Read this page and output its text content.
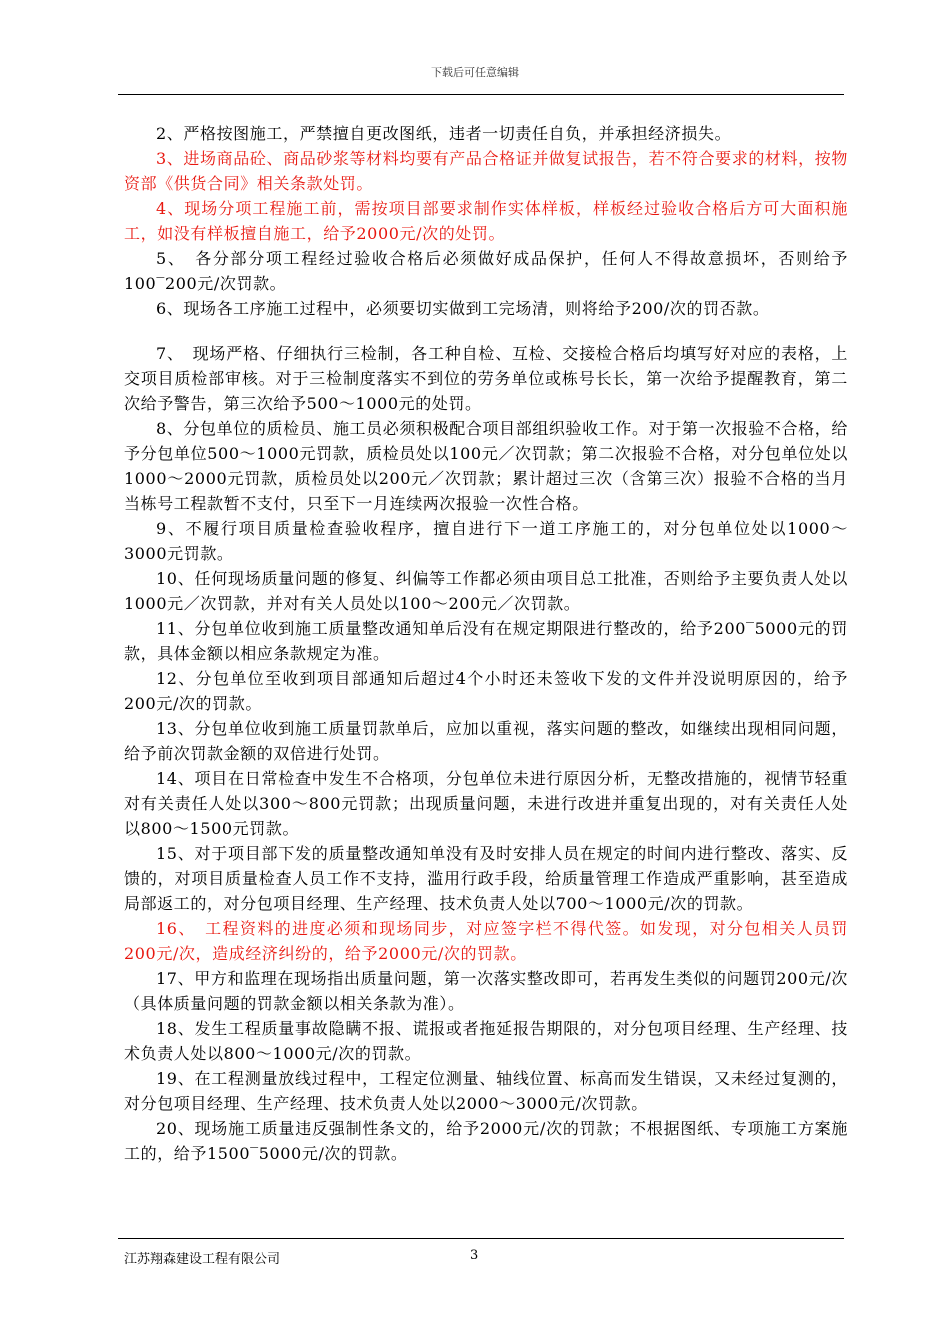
下载后可任意编辑

2、严格按图施工，严禁擅自更改图纸，违者一切责任自负，并承担经济损失。

3、进场商品砼、商品砂浆等材料均要有产品合格证并做复试报告，若不符合要求的材料，按物资部《供货合同》相关条款处罚。

4、现场分项工程施工前，需按项目部要求制作实体样板，样板经过验收合格后方可大面积施工，如没有样板擅自施工，给予2000元/次的处罚。

5、　各分部分项工程经过验收合格后必须做好成品保护，任何人不得故意损坏，否则给予100‾200元/次罚款。

6、现场各工序施工过程中，必须要切实做到工完场清，则将给予200/次的罚否款。

7、　现场严格、仔细执行三检制，各工种自检、互检、交接检合格后均填写好对应的表格，上交项目质检部审核。对于三检制度落实不到位的劳务单位或栋号长长，第一次给予提醒教育，第二次给予警告，第三次给予500～1000元的处罚。

8、分包单位的质检员、施工员必须积极配合项目部组织验收工作。对于第一次报验不合格，给予分包单位500～1000元罚款，质检员处以100元／次罚款；第二次报验不合格，对分包单位处以1000～2000元罚款，质检员处以200元／次罚款；累计超过三次（含第三次）报验不合格的当月当栋号工程款暂不支付，只至下一月连续两次报验一次性合格。

9、不履行项目质量检查验收程序，擅自进行下一道工序施工的，对分包单位处以1000～3000元罚款。

10、任何现场质量问题的修复、纠偏等工作都必须由项目总工批准，否则给予主要负责人处以1000元／次罚款，并对有关人员处以100～200元／次罚款。

11、分包单位收到施工质量整改通知单后没有在规定期限进行整改的，给予200‾5000元的罚款，具体金额以相应条款规定为准。

12、分包单位至收到项目部通知后超过4个小时还未签收下发的文件并没说明原因的，给予200元/次的罚款。

13、分包单位收到施工质量罚款单后，应加以重视，落实问题的整改，如继续出现相同问题，给予前次罚款金额的双倍进行处罚。

14、项目在日常检查中发生不合格项，分包单位未进行原因分析，无整改措施的，视情节轻重对有关责任人处以300～800元罚款；出现质量问题，未进行改进并重复出现的，对有关责任人处以800～1500元罚款。

15、对于项目部下发的质量整改通知单没有及时安排人员在规定的时间内进行整改、落实、反馈的，对项目质量检查人员工作不支持，滥用行政手段，给质量管理工作造成严重影响，甚至造成局部返工的，对分包项目经理、生产经理、技术负责人处以700～1000元/次的罚款。

16、　工程资料的进度必须和现场同步，对应签字栏不得代签。如发现，对分包相关人员罚200元/次，造成经济纠纷的，给予2000元/次的罚款。

17、甲方和监理在现场指出质量问题，第一次落实整改即可，若再发生类似的问题罚200元/次（具体质量问题的罚款金额以相关条款为准）。

18、发生工程质量事故隐瞒不报、谎报或者拖延报告期限的，对分包项目经理、生产经理、技术负责人处以800～1000元/次的罚款。

19、在工程测量放线过程中，工程定位测量、轴线位置、标高而发生错误，又未经过复测的，对分包项目经理、生产经理、技术负责人处以2000～3000元/次罚款。

20、现场施工质量违反强制性条文的，给予2000元/次的罚款；不根据图纸、专项施工方案施工的，给予1500‾5000元/次的罚款。

江苏翔森建设工程有限公司	3
